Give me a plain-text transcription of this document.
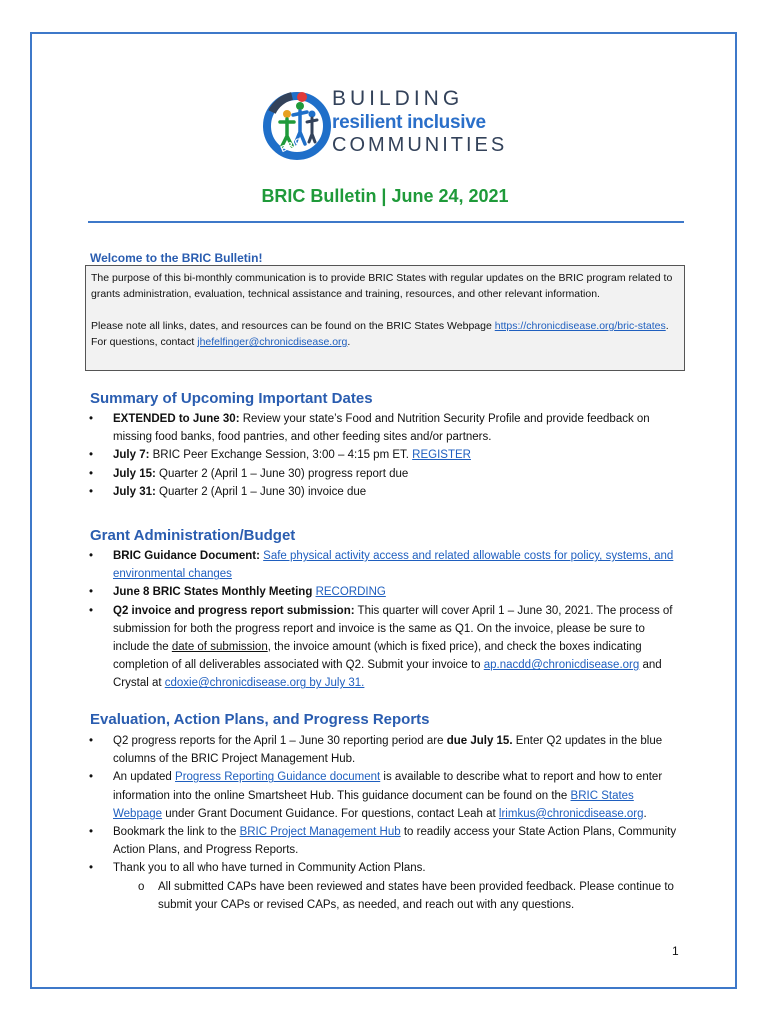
BRIC
BUILDING
resilient inclusive
COMMUNITIES
BRIC Bulletin | June 24, 2021
Welcome to the BRIC Bulletin!

The purpose of this bi-monthly communication is to provide BRIC States with regular updates on the BRIC program related to grants administration, evaluation, technical assistance and training, resources, and other relevant information.

Please note all links, dates, and resources can be found on the BRIC States Webpage https://chronicdisease.org/bric-states. For questions, contact jhefelfinger@chronicdisease.org.

Summary of Upcoming Important Dates
• EXTENDED to June 30: Review your state’s Food and Nutrition Security Profile and provide feedback on missing food banks, food pantries, and other feeding sites and/or partners.
• July 7: BRIC Peer Exchange Session, 3:00 – 4:15 pm ET. REGISTER
• July 15: Quarter 2 (April 1 – June 30) progress report due
• July 31: Quarter 2 (April 1 – June 30) invoice due
Grant Administration/Budget
• BRIC Guidance Document: Safe physical activity access and related allowable costs for policy, systems, and environmental changes
• June 8 BRIC States Monthly Meeting RECORDING
• Q2 invoice and progress report submission: This quarter will cover April 1 – June 30, 2021. The process of submission for both the progress report and invoice is the same as Q1. On the invoice, please be sure to include the date of submission, the invoice amount (which is fixed price), and check the boxes indicating completion of all deliverables associated with Q2. Submit your invoice to ap.nacdd@chronicdisease.org and Crystal at cdoxie@chronicdisease.org by July 31.
Evaluation, Action Plans, and Progress Reports
• Q2 progress reports for the April 1 – June 30 reporting period are due July 15. Enter Q2 updates in the blue columns of the BRIC Project Management Hub.
• An updated Progress Reporting Guidance document is available to describe what to report and how to enter information into the online Smartsheet Hub. This guidance document can be found on the BRIC States Webpage under Grant Document Guidance. For questions, contact Leah at lrimkus@chronicdisease.org.
• Bookmark the link to the BRIC Project Management Hub to readily access your State Action Plans, Community Action Plans, and Progress Reports.
• Thank you to all who have turned in Community Action Plans.
o All submitted CAPs have been reviewed and states have been provided feedback. Please continue to submit your CAPs or revised CAPs, as needed, and reach out with any questions.
1
